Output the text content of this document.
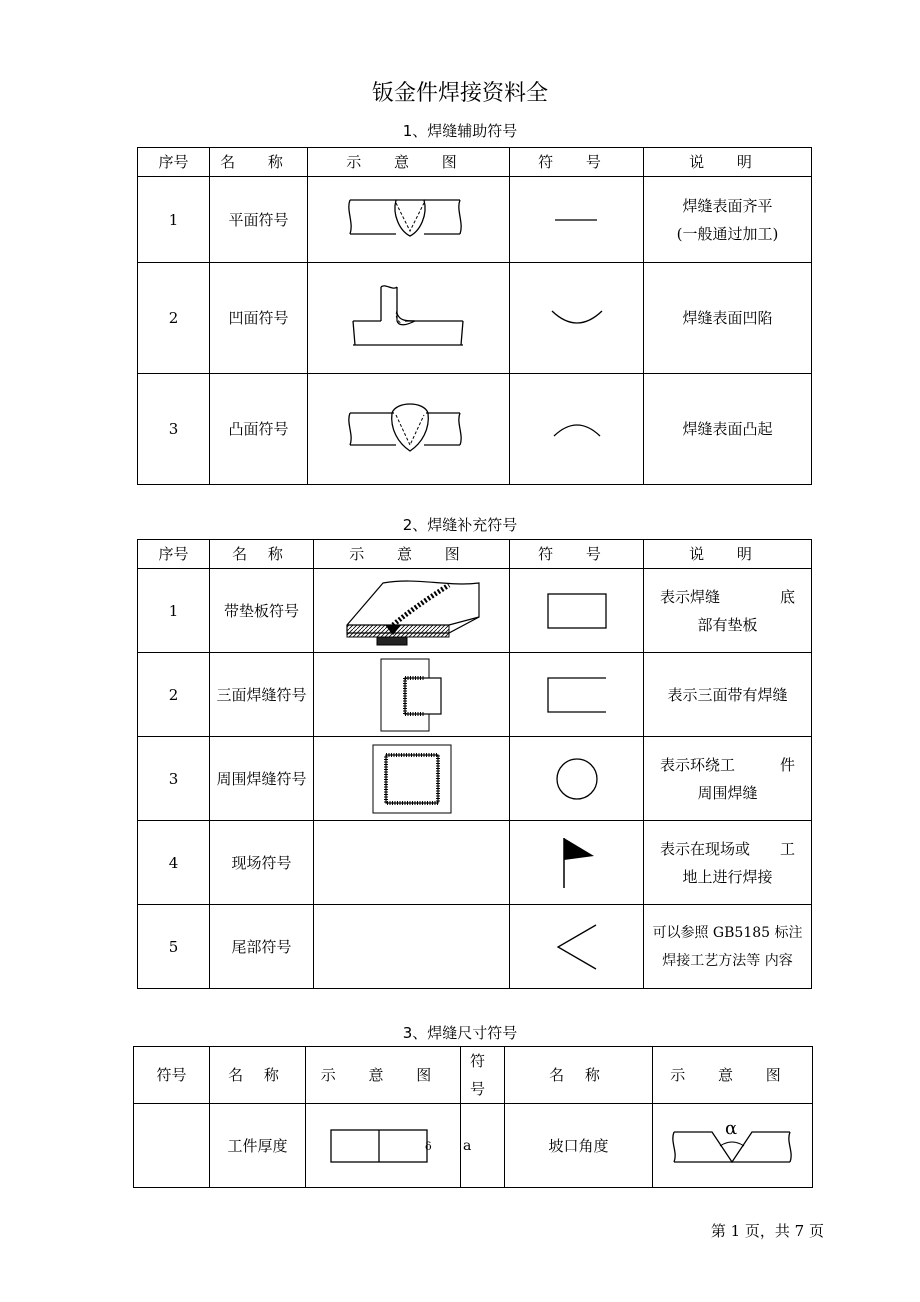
钣金件焊接资料全
1、焊缝辅助符号
序号	名 称	示 意 图	符 号	说 明
1	平面符号			焊缝表面齐平
(一般通过加工)

2	凹面符号			焊缝表面凹陷
3	凸面符号			焊缝表面凸起
2、焊缝补充符号
序号	名 称	示 意 图	符 号	说 明
1	带垫板符号			表示焊缝　　　　底
部有垫板

2	三面焊缝符号			表示三面带有焊缝
3	周围焊缝符号			表示环绕工　　　件
周围焊缝

4	现场符号			表示在现场或　　工
地上进行焊接

5	尾部符号			可以参照 GB5185 标注
焊接工艺方法等 内容
3、焊缝尺寸符号
符号	名 称	示 意 图	符 号	名 称	示 意 图
	工件厚度	δ	a	坡口角度	α
第 1 页，共 7 页
